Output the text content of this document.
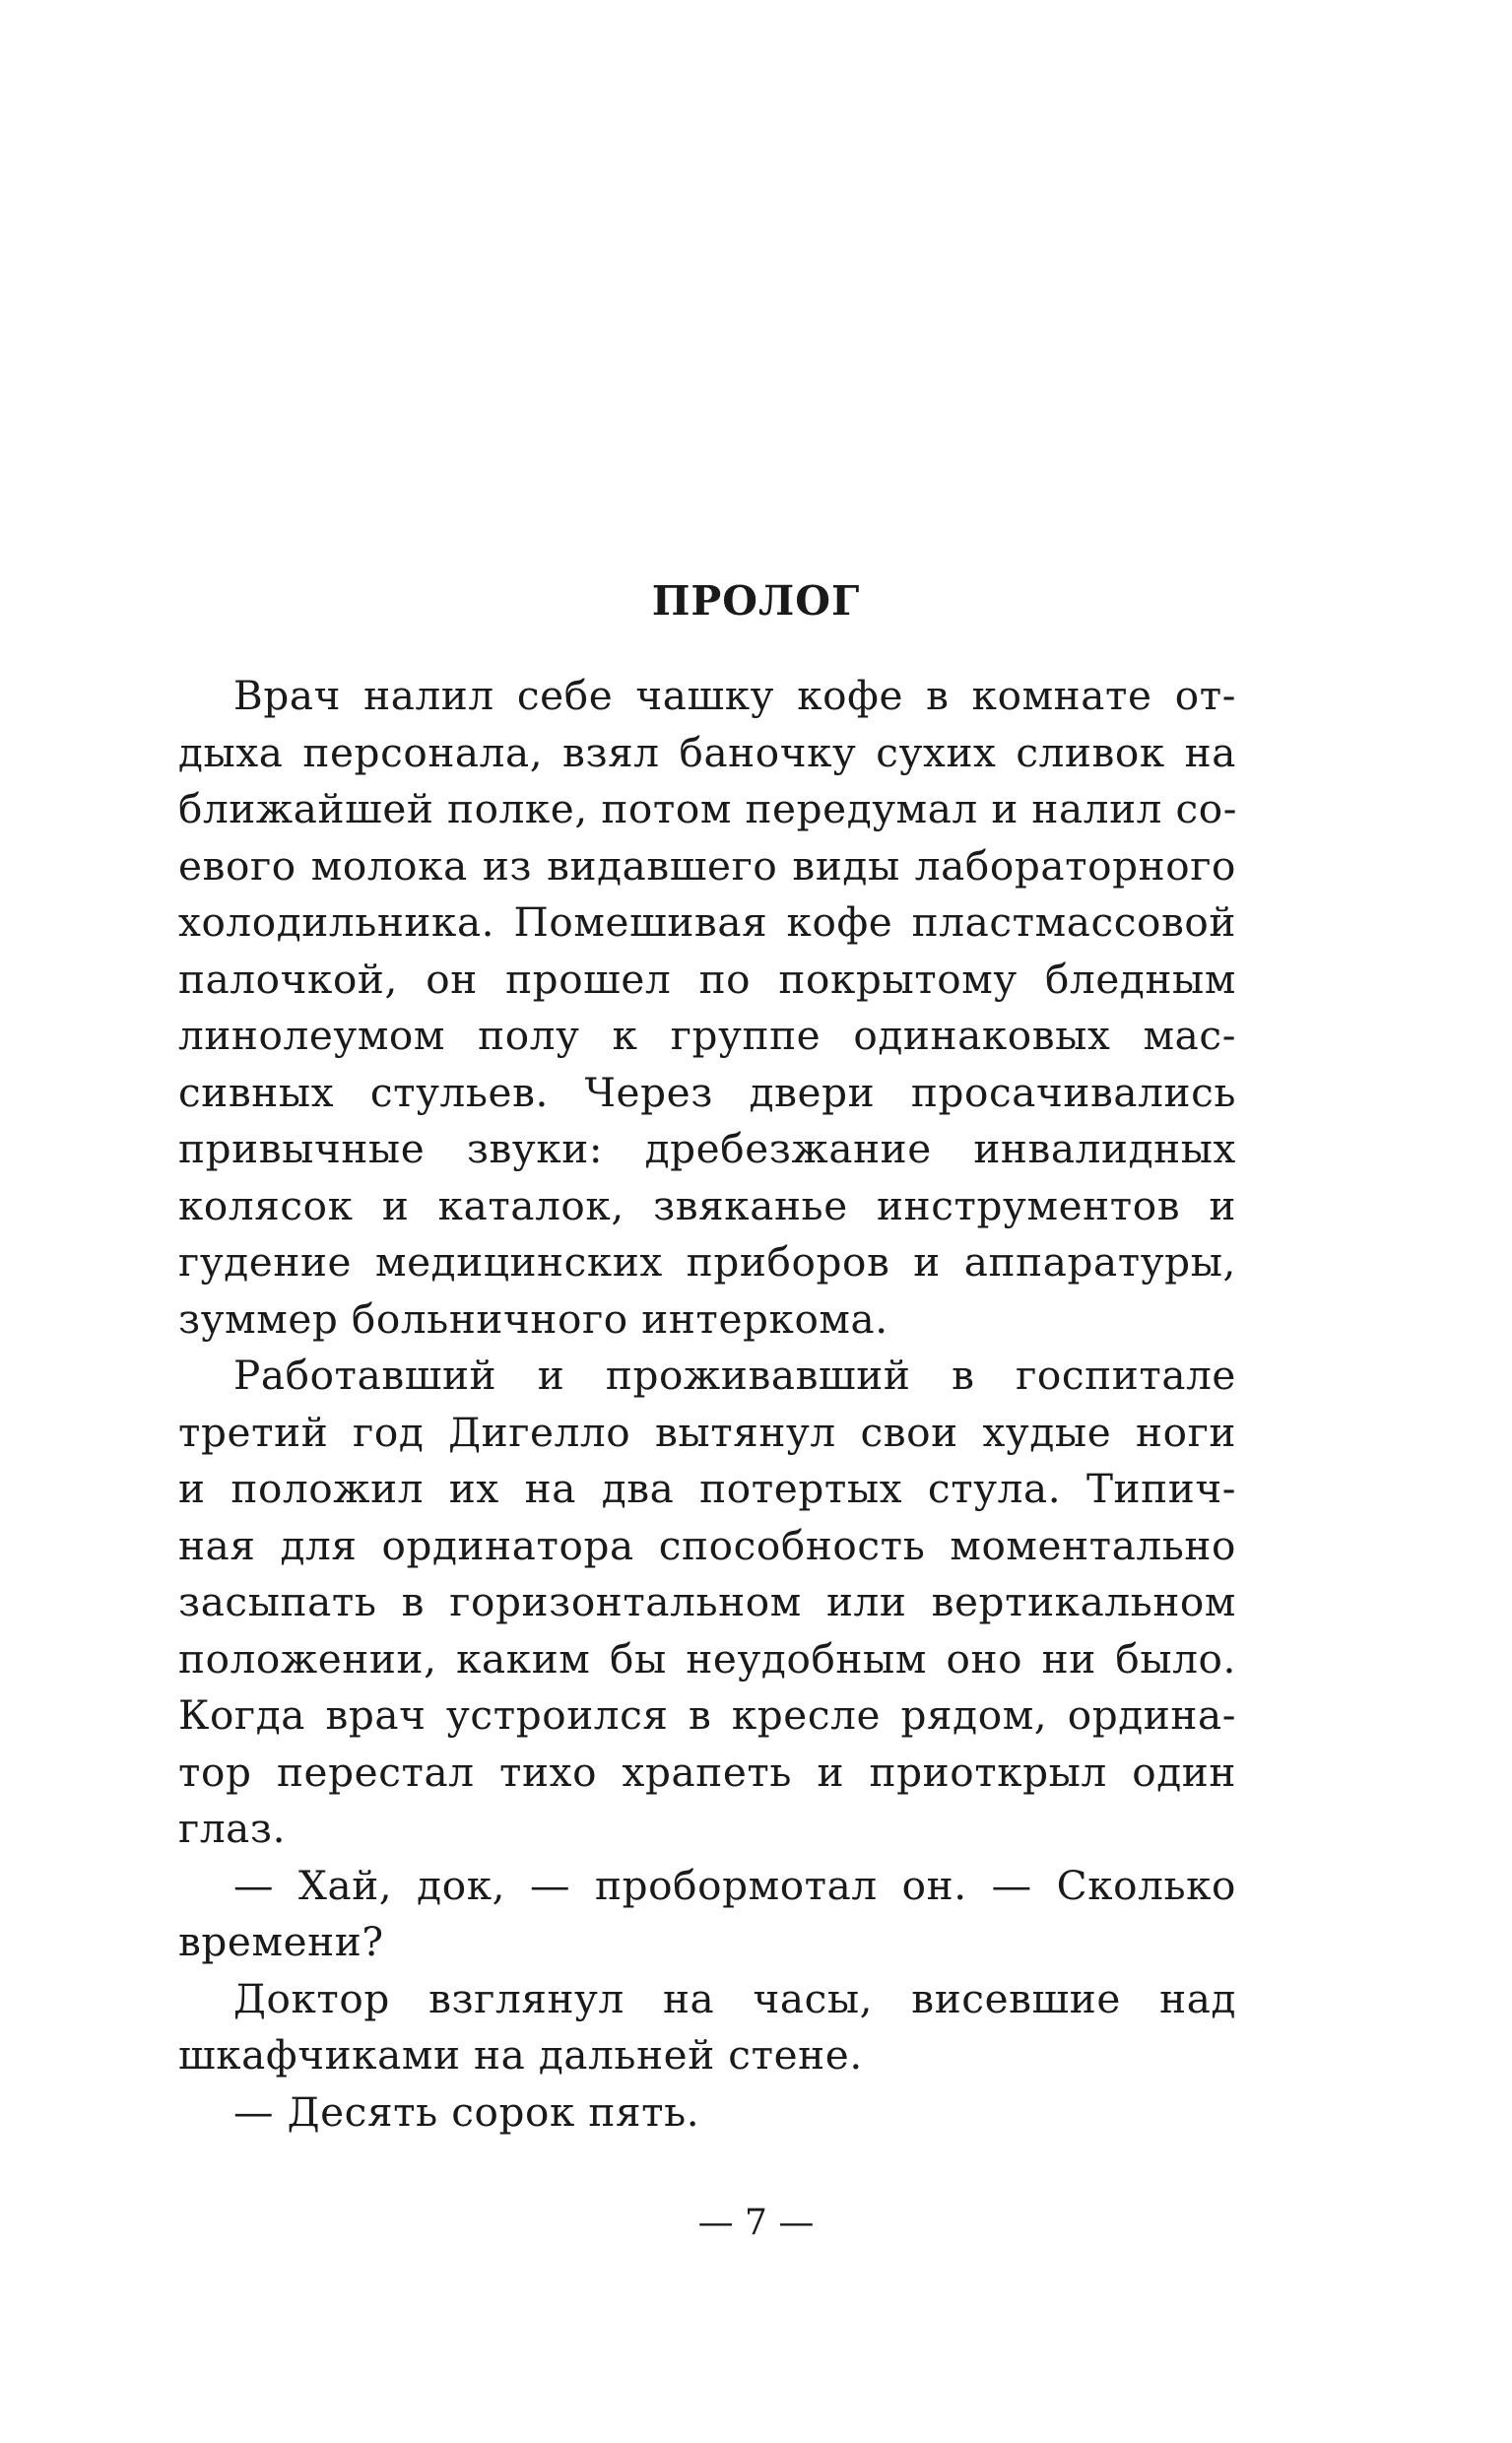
ПРОЛОГ
Врач налил себе чашку кофе в комнате от-
дыха персонала, взял баночку сухих сливок на
ближайшей полке, потом передумал и налил со-
евого молока из видавшего виды лабораторного
холодильника. Помешивая кофе пластмассовой
палочкой, он прошел по покрытому бледным
линолеумом полу к группе одинаковых мас-
сивных стульев. Через двери просачивались
привычные звуки: дребезжание инвалидных
колясок и каталок, звяканье инструментов и
гудение медицинских приборов и аппаратуры,
зуммер больничного интеркома.
Работавший и проживавший в госпитале
третий год Дигелло вытянул свои худые ноги
и положил их на два потертых стула. Типич-
ная для ординатора способность моментально
засыпать в горизонтальном или вертикальном
положении, каким бы неудобным оно ни было.
Когда врач устроился в кресле рядом, ордина-
тор перестал тихо храпеть и приоткрыл один
глаз.
— Хай, док, — пробормотал он. — Сколько
времени?
Доктор взглянул на часы, висевшие над
шкафчиками на дальней стене.
— Десять сорок пять.
— 7 —
